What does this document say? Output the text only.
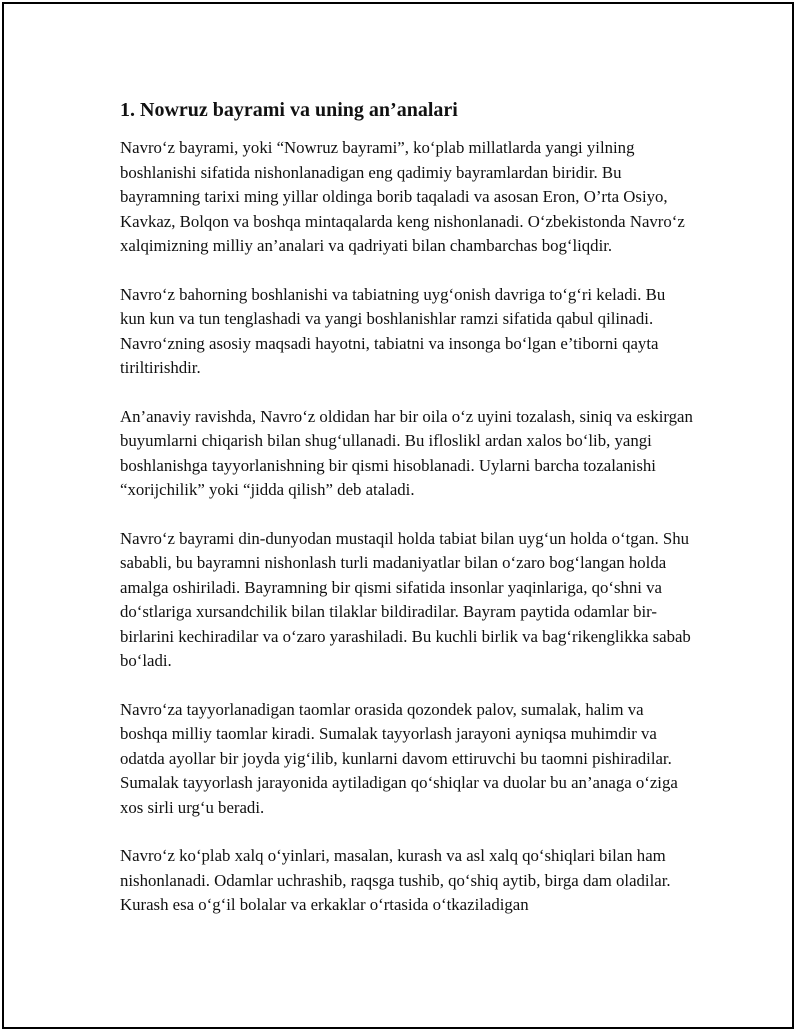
1. Nowruz bayrami va uning an’analari

Navro‘z bayrami, yoki “Nowruz bayrami”, ko‘plab millatlarda yangi yilning boshlanishi sifatida nishonlanadigan eng qadimiy bayramlardan biridir. Bu bayramning tarixi ming yillar oldinga borib taqaladi va asosan Eron, O’rta Osiyo, Kavkaz, Bolqon va boshqa mintaqalarda keng nishonlanadi. O‘zbekistonda Navro‘z xalqimizning milliy an’analari va qadriyati bilan chambarchas bog‘liqdir.

Navro‘z bahorning boshlanishi va tabiatning uyg‘onish davriga to‘g‘ri keladi. Bu kun kun va tun tenglashadi va yangi boshlanishlar ramzi sifatida qabul qilinadi. Navro‘zning asosiy maqsadi hayotni, tabiatni va insonga bo‘lgan e’tiborni qayta tiriltirishdir.

An’anaviy ravishda, Navro‘z oldidan har bir oila o‘z uyini tozalash, siniq va eskirgan buyumlarni chiqarish bilan shug‘ullanadi. Bu ifloslikl ardan xalos bo‘lib, yangi boshlanishga tayyorlanishning bir qismi hisoblanadi. Uylarni barcha tozalanishi “xorijchilik” yoki “jidda qilish” deb ataladi.

Navro‘z bayrami din-dunyodan mustaqil holda tabiat bilan uyg‘un holda o‘tgan. Shu sababli, bu bayramni nishonlash turli madaniyatlar bilan o‘zaro bog‘langan holda amalga oshiriladi. Bayramning bir qismi sifatida insonlar yaqinlariga, qo‘shni va do‘stlariga xursandchilik bilan tilaklar bildiradilar. Bayram paytida odamlar bir-birlarini kechiradilar va o‘zaro yarashiladi. Bu kuchli birlik va bag‘rikenglikka sabab bo‘ladi.

Navro‘za tayyorlanadigan taomlar orasida qozondek palov, sumalak, halim va boshqa milliy taomlar kiradi. Sumalak tayyorlash jarayoni ayniqsa muhimdir va odatda ayollar bir joyda yig‘ilib, kunlarni davom ettiruvchi bu taomni pishiradilar. Sumalak tayyorlash jarayonida aytiladigan qo‘shiqlar va duolar bu an’anaga o‘ziga xos sirli urg‘u beradi.

Navro‘z ko‘plab xalq o‘yinlari, masalan, kurash va asl xalq qo‘shiqlari bilan ham nishonlanadi. Odamlar uchrashib, raqsga tushib, qo‘shiq aytib, birga dam oladilar. Kurash esa o‘g‘il bolalar va erkaklar o‘rtasida o‘tkaziladigan
